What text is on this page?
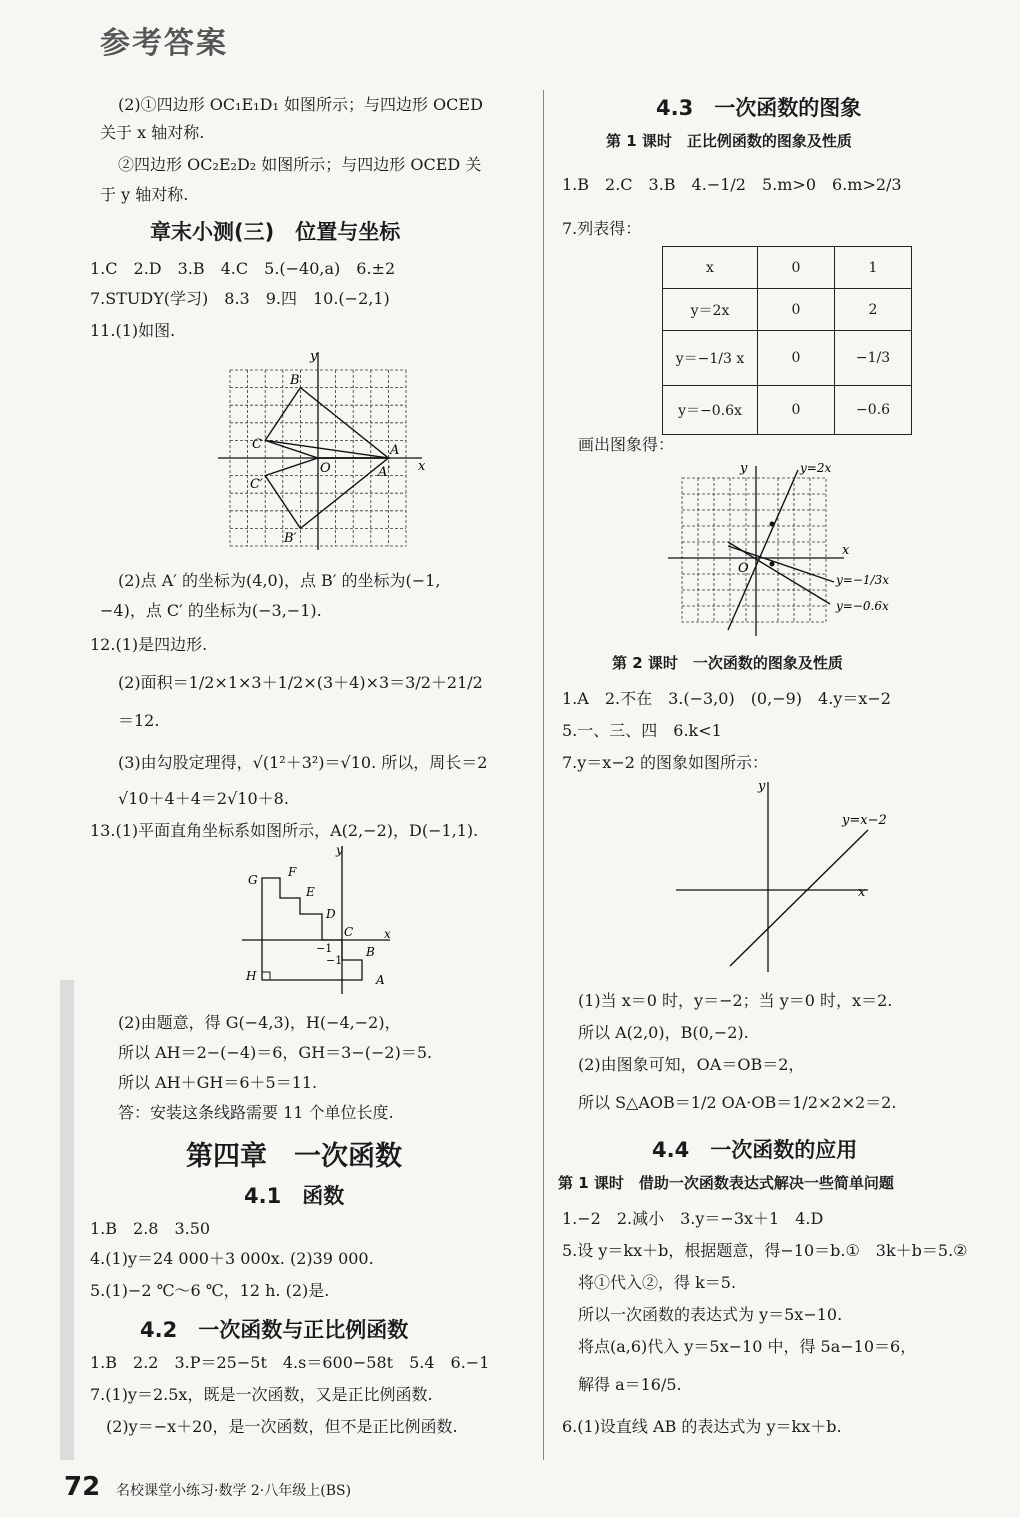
参考答案

(2)①四边形 OC₁E₁D₁ 如图所示；与四边形 OCED

关于 x 轴对称.

②四边形 OC₂E₂D₂ 如图所示；与四边形 OCED 关

于 y 轴对称.

章末小测(三)　位置与坐标

1.C　2.D　3.B　4.C　5.(−40,a)　6.±2

7.STUDY(学习)　8.3　9.四　10.(−2,1)

11.(1)如图.

y
x
A
B
C
A′
B′
C′
O

(2)点 A′ 的坐标为(4,0)，点 B′ 的坐标为(−1,

−4)，点 C′ 的坐标为(−3,−1).

12.(1)是四边形.

(2)面积＝1/2×1×3＋1/2×(3＋4)×3＝3/2＋21/2

＝12.

(3)由勾股定理得，√(1²＋3²)＝√10. 所以，周长＝2

√10＋4＋4＝2√10＋8.

13.(1)平面直角坐标系如图所示，A(2,−2)，D(−1,1).

y
x
G
F
E
D
C
B
A
H
−1
−1

(2)由题意，得 G(−4,3)，H(−4,−2)，

所以 AH＝2−(−4)＝6，GH＝3−(−2)＝5.

所以 AH＋GH＝6＋5＝11.

答：安装这条线路需要 11 个单位长度.

第四章　一次函数
4.1　函数

1.B　2.8　3.50

4.(1)y＝24 000＋3 000x. (2)39 000.

5.(1)−2 ℃～6 ℃，12 h. (2)是.

4.2　一次函数与正比例函数

1.B　2.2　3.P＝25−5t　4.s＝600−58t　5.4　6.−1

7.(1)y＝2.5x，既是一次函数，又是正比例函数.

(2)y＝−x＋20，是一次函数，但不是正比例函数.

4.3　一次函数的图象
第 1 课时　正比例函数的图象及性质

1.B　2.C　3.B　4.−1/2　5.m>0　6.m>2/3

7.列表得：

x	0	1
y＝2x	0	2
y＝−1/3 x	0	−1/3
y＝−0.6x	0	−0.6

画出图象得：

y
x
O
y=2x
y=−1/3x
y=−0.6x
第 2 课时　一次函数的图象及性质

1.A　2.不在　3.(−3,0)　(0,−9)　4.y＝x−2

5.一、三、四　6.k<1

7.y＝x−2 的图象如图所示：

y
x
y=x−2

(1)当 x＝0 时，y＝−2；当 y＝0 时，x＝2.

所以 A(2,0)，B(0,−2).

(2)由图象可知，OA＝OB＝2，

所以 S△AOB＝1/2 OA·OB＝1/2×2×2＝2.

4.4　一次函数的应用
第 1 课时　借助一次函数表达式解决一些简单问题

1.−2　2.减小　3.y＝−3x＋1　4.D

5.设 y＝kx＋b，根据题意，得−10＝b.①　3k＋b＝5.②

将①代入②，得 k＝5.

所以一次函数的表达式为 y＝5x−10.

将点(a,6)代入 y＝5x−10 中，得 5a−10＝6，

解得 a＝16/5.

6.(1)设直线 AB 的表达式为 y＝kx＋b.

72 名校课堂小练习·数学 2·八年级上(BS)
